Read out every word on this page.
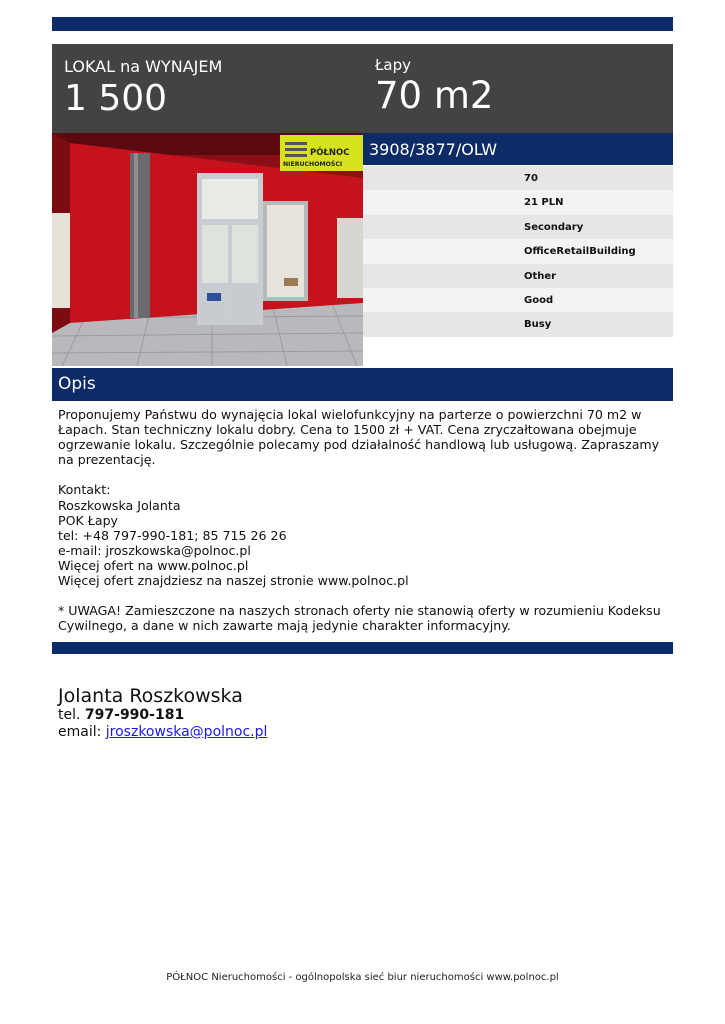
LOKAL na WYNAJEM
1 500
Łapy
70 m2
PÓŁNOC
NIERUCHOMOŚCI
3908/3877/OLW
70
21 PLN
Secondary
OfficeRetailBuilding
Other
Good
Busy
Opis

Proponujemy Państwu do wynajęcia lokal wielofunkcyjny na parterze o powierzchni 70 m2 w Łapach. Stan techniczny lokalu dobry. Cena to 1500 zł + VAT. Cena zryczałtowana obejmuje ogrzewanie lokalu. Szczególnie polecamy pod działalność handlową lub usługową. Zapraszamy na prezentację.

Kontakt:

Roszkowska Jolanta

POK Łapy

tel: +48 797-990-181; 85 715 26 26

e-mail: jroszkowska@polnoc.pl

Więcej ofert na www.polnoc.pl

Więcej ofert znajdziesz na naszej stronie www.polnoc.pl

* UWAGA! Zamieszczone na naszych stronach oferty nie stanowią oferty w rozumieniu Kodeksu Cywilnego, a dane w nich zawarte mają jedynie charakter informacyjny.

Jolanta Roszkowska
tel. 797-990-181
email: jroszkowska@polnoc.pl
PÓŁNOC Nieruchomości - ogólnopolska sieć biur nieruchomości www.polnoc.pl
